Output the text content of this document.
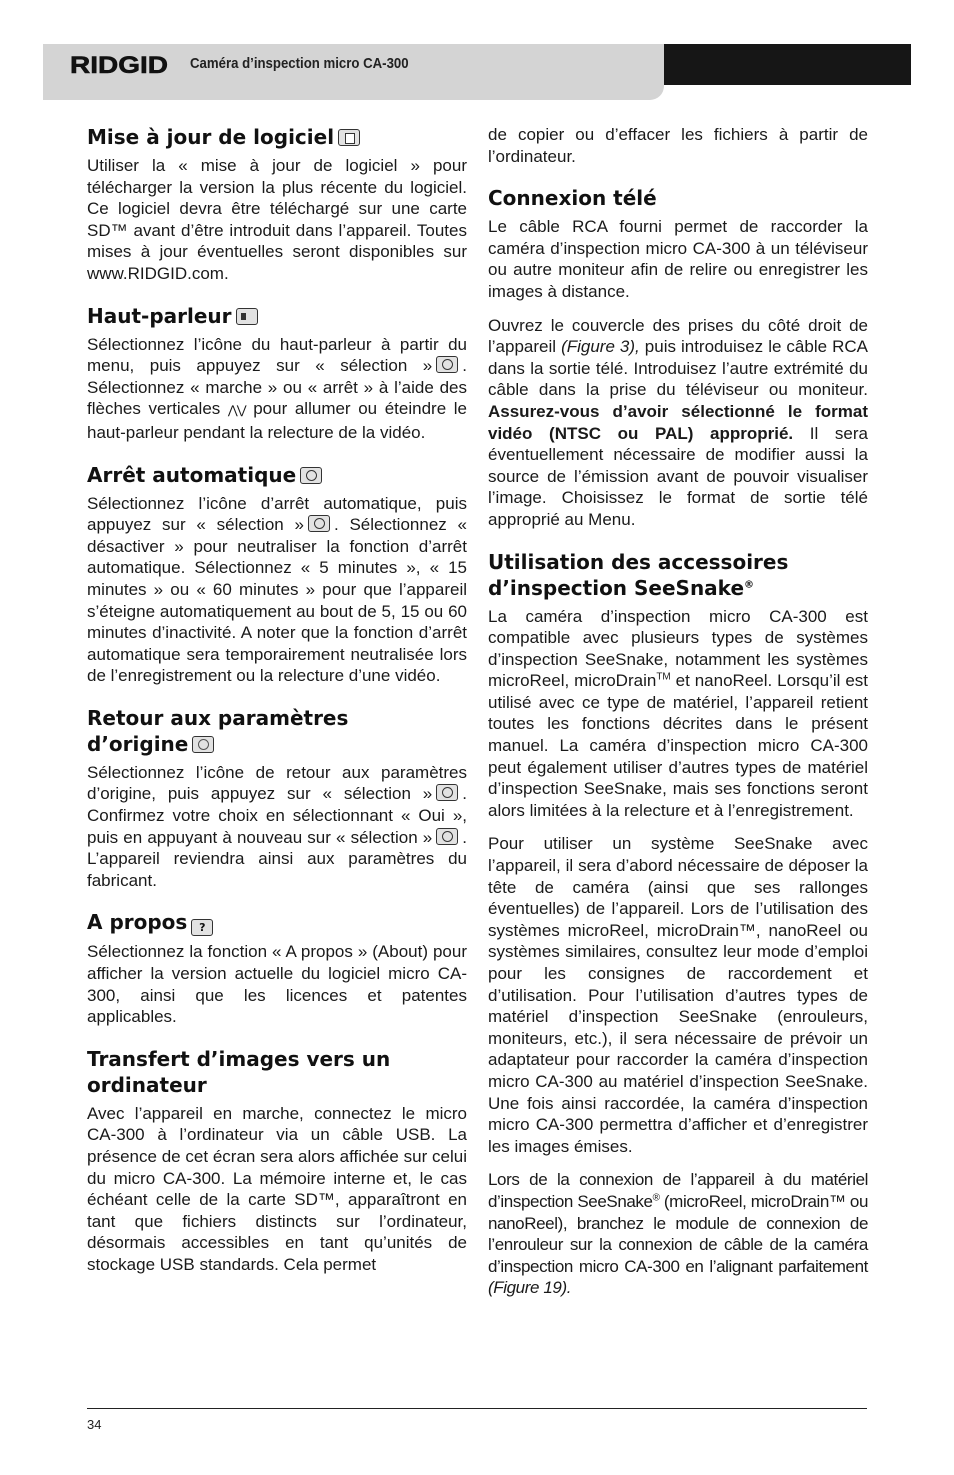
RIDGID Caméra d’inspection micro CA-300
Mise à jour de logiciel

Utiliser la « mise à jour de logiciel » pour télécharger la version la plus récente du logiciel. Ce logiciel devra être téléchargé sur une carte SD™ avant d’être introduit dans l’appareil. Toutes mises à jour éventuelles seront disponibles sur www.RIDGID.com.

Haut-parleur

Sélectionnez l’icône du haut-parleur à partir du menu, puis appuyez sur « sélection » . Sélectionnez « marche » ou « arrêt » à l’aide des flèches verticales ⋀⋁ pour allumer ou éteindre le haut-parleur pendant la relecture de la vidéo.

Arrêt automatique

Sélectionnez l’icône d’arrêt automatique, puis appuyez sur « sélection » . Sélectionnez « désactiver » pour neutraliser la fonction d’arrêt automatique. Sélectionnez « 5 minutes », « 15 minutes » ou « 60 minutes » pour que l’appareil s’éteigne automatiquement au bout de 5, 15 ou 60 minutes d’inactivité. A noter que la fonction d’arrêt automatique sera temporairement neutralisée lors de l’enregistrement ou la relecture d’une vidéo.

Retour aux paramètres
d’origine

Sélectionnez l’icône de retour aux paramètres d’origine, puis appuyez sur « sélection » . Confirmez votre choix en sélectionnant « Oui », puis en appuyant à nouveau sur « sélection » . L’appareil reviendra ainsi aux paramètres du fabricant.

A propos ?

Sélectionnez la fonction « A propos » (About) pour afficher la version actuelle du logiciel micro CA-300, ainsi que les licences et patentes applicables.

Transfert d’images vers un
ordinateur

Avec l’appareil en marche, connectez le micro CA-300 à l’ordinateur via un câble USB. La présence de cet écran sera alors affichée sur celui du micro CA-300. La mémoire interne et, le cas échéant celle de la carte SD™, apparaîtront en tant que fichiers distincts sur l’ordinateur, désormais accessibles en tant qu’unités de stockage USB standards. Cela permet

de copier ou d’effacer les fichiers à partir de l’ordinateur.

Connexion télé

Le câble RCA fourni permet de raccorder la caméra d’inspection micro CA-300 à un téléviseur ou autre moniteur afin de relire ou enregistrer les images à distance.

Ouvrez le couvercle des prises du côté droit de l’appareil (Figure 3), puis introduisez le câble RCA dans la sortie télé. Introduisez l’autre extrémité du câble dans la prise du téléviseur ou moniteur. Assurez-vous d’avoir sélectionné le format vidéo (NTSC ou PAL) approprié. Il sera éventuellement nécessaire de modifier aussi la source de l’émission avant de pouvoir visualiser l’image. Choisissez le format de sortie télé approprié au Menu.

Utilisation des accessoires
d’inspection SeeSnake®

La caméra d’inspection micro CA-300 est compatible avec plusieurs types de systèmes d’inspection SeeSnake, notamment les systèmes microReel, microDrain™ et nanoReel. Lorsqu’il est utilisé avec ce type de matériel, l’appareil retient toutes les fonctions décrites dans le présent manuel. La caméra d’inspection micro CA-300 peut également utiliser d’autres types de matériel d’inspection SeeSnake, mais ses fonctions seront alors limitées à la relecture et à l’enregistrement.

Pour utiliser un système SeeSnake avec l’appareil, il sera d’abord nécessaire de déposer la tête de caméra (ainsi que ses rallonges éventuelles) de l’appareil. Lors de l’utilisation des systèmes microReel, microDrain™, nanoReel ou systèmes similaires, consultez leur mode d’emploi pour les consignes de raccordement et d’utilisation. Pour l’utilisation d’autres types de matériel d’inspection SeeSnake (enrouleurs, moniteurs, etc.), il sera nécessaire de prévoir un adaptateur pour raccorder la caméra d’inspection micro CA-300 au matériel d’inspection SeeSnake. Une fois ainsi raccordée, la caméra d’inspection micro CA-300 permettra d’afficher et d’enregistrer les images émises.

Lors de la connexion de l’appareil à du matériel d’inspection SeeSnake® (microReel, microDrain™ ou nanoReel), branchez le module de connexion de l’enrouleur sur la connexion de câble de la caméra d’inspection micro CA-300 en l’alignant parfaitement (Figure 19).

34
